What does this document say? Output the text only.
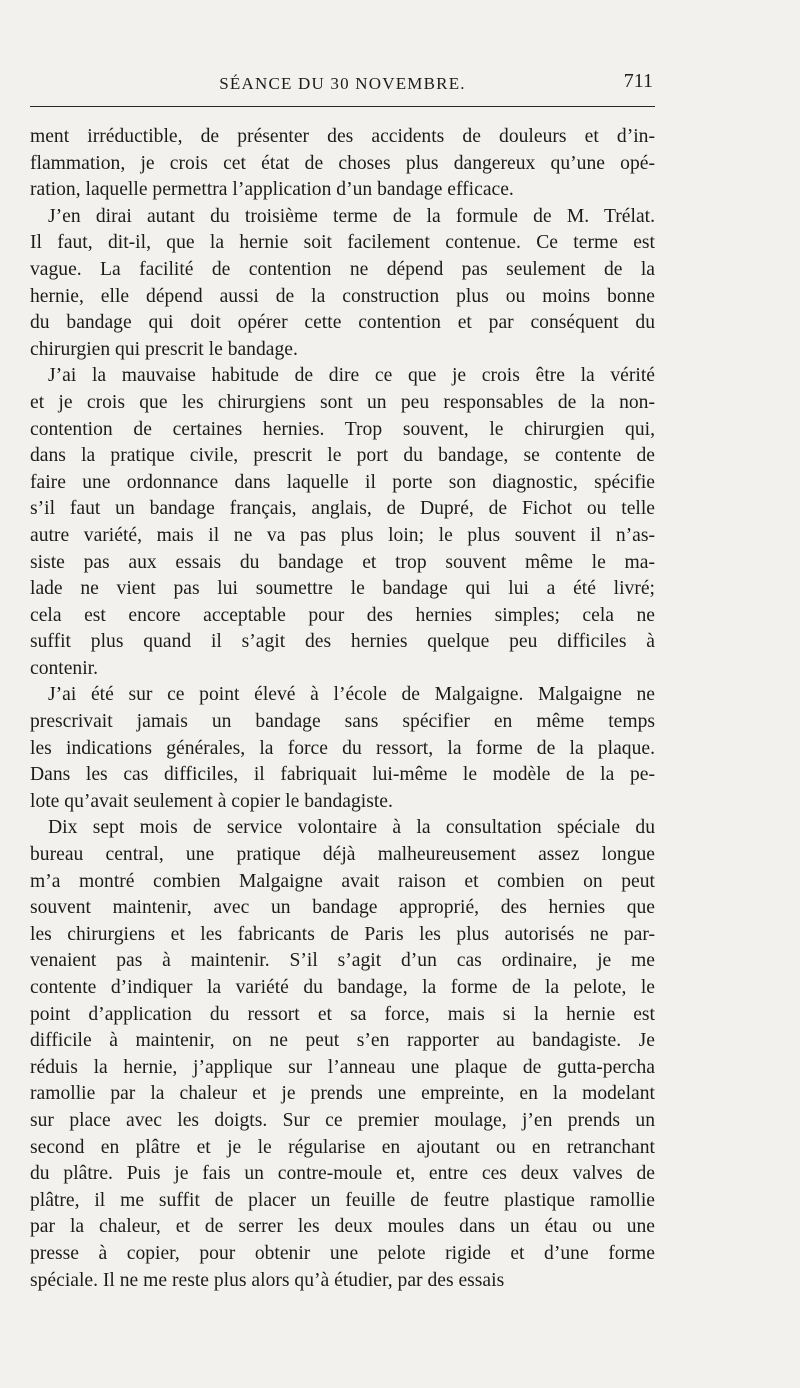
SÉANCE DU 30 NOVEMBRE.	711
ment irréductible, de présenter des accidents de douleurs et d’in-
flammation, je crois cet état de choses plus dangereux qu’une opé-
ration, laquelle permettra l’application d’un bandage efficace.
J’en dirai autant du troisième terme de la formule de M. Trélat.
Il faut, dit-il, que la hernie soit facilement contenue. Ce terme est
vague. La facilité de contention ne dépend pas seulement de la
hernie, elle dépend aussi de la construction plus ou moins bonne
du bandage qui doit opérer cette contention et par conséquent du
chirurgien qui prescrit le bandage.
J’ai la mauvaise habitude de dire ce que je crois être la vérité
et je crois que les chirurgiens sont un peu responsables de la non-
contention de certaines hernies. Trop souvent, le chirurgien qui,
dans la pratique civile, prescrit le port du bandage, se contente de
faire une ordonnance dans laquelle il porte son diagnostic, spécifie
s’il faut un bandage français, anglais, de Dupré, de Fichot ou telle
autre variété, mais il ne va pas plus loin; le plus souvent il n’as-
siste pas aux essais du bandage et trop souvent même le ma-
lade ne vient pas lui soumettre le bandage qui lui a été livré;
cela est encore acceptable pour des hernies simples; cela ne
suffit plus quand il s’agit des hernies quelque peu difficiles à
contenir.
J’ai été sur ce point élevé à l’école de Malgaigne. Malgaigne ne
prescrivait jamais un bandage sans spécifier en même temps
les indications générales, la force du ressort, la forme de la plaque.
Dans les cas difficiles, il fabriquait lui-même le modèle de la pe-
lote qu’avait seulement à copier le bandagiste.
Dix sept mois de service volontaire à la consultation spéciale du
bureau central, une pratique déjà malheureusement assez longue
m’a montré combien Malgaigne avait raison et combien on peut
souvent maintenir, avec un bandage approprié, des hernies que
les chirurgiens et les fabricants de Paris les plus autorisés ne par-
venaient pas à maintenir. S’il s’agit d’un cas ordinaire, je me
contente d’indiquer la variété du bandage, la forme de la pelote, le
point d’application du ressort et sa force, mais si la hernie est
difficile à maintenir, on ne peut s’en rapporter au bandagiste. Je
réduis la hernie, j’applique sur l’anneau une plaque de gutta-percha
ramollie par la chaleur et je prends une empreinte, en la modelant
sur place avec les doigts. Sur ce premier moulage, j’en prends un
second en plâtre et je le régularise en ajoutant ou en retranchant
du plâtre. Puis je fais un contre-moule et, entre ces deux valves de
plâtre, il me suffit de placer un feuille de feutre plastique ramollie
par la chaleur, et de serrer les deux moules dans un étau ou une
presse à copier, pour obtenir une pelote rigide et d’une forme
spéciale. Il ne me reste plus alors qu’à étudier, par des essais
